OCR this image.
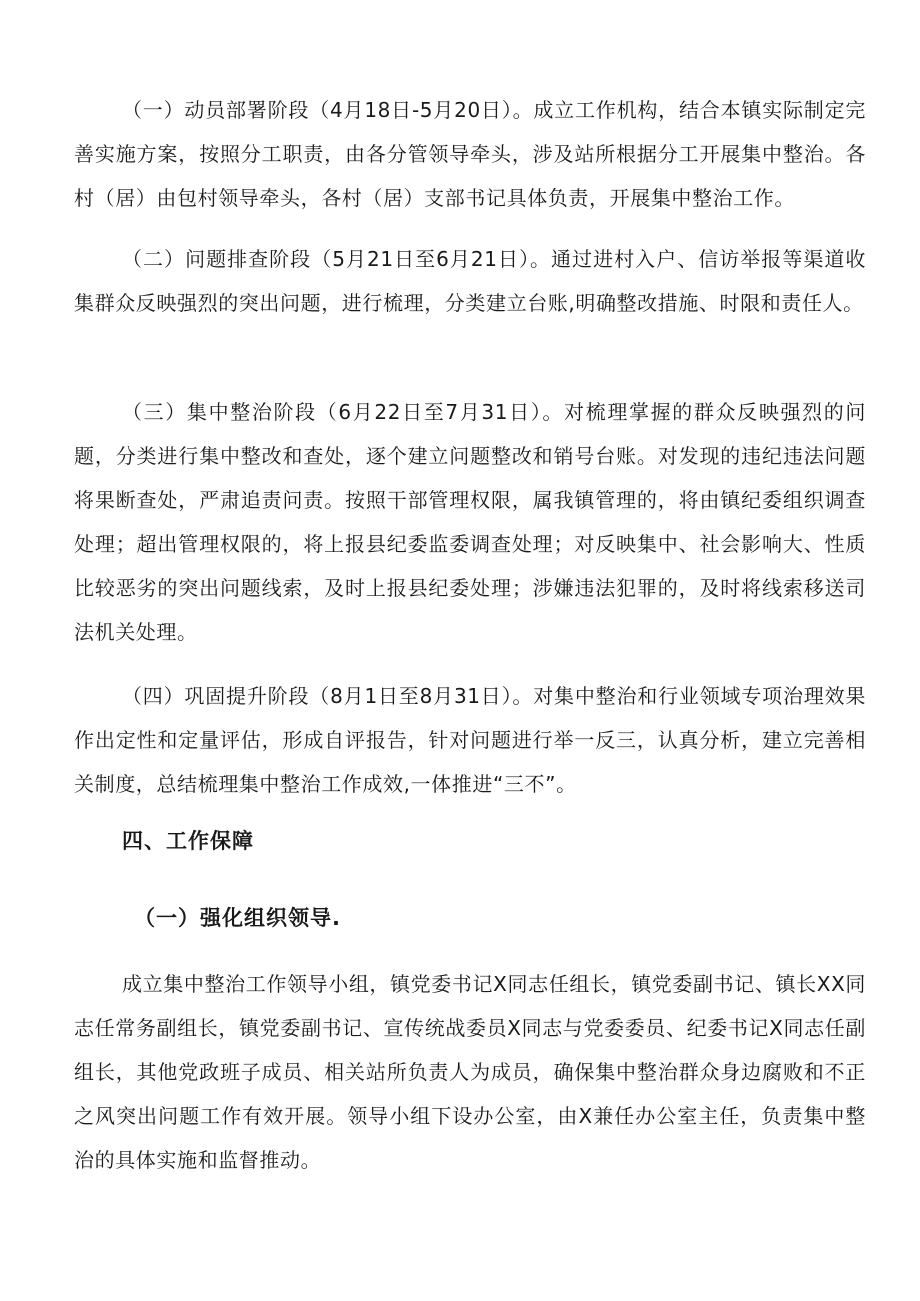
（一）动员部署阶段（4月18日-5月20日）。成立工作机构，结合本镇实际制定完善实施方案，按照分工职责，由各分管领导牵头，涉及站所根据分工开展集中整治。各村（居）由包村领导牵头，各村（居）支部书记具体负责，开展集中整治工作。

（二）问题排查阶段（5月21日至6月21日）。通过进村入户、信访举报等渠道收集群众反映强烈的突出问题，进行梳理，分类建立台账,明确整改措施、时限和责任人。

（三）集中整治阶段（6月22日至7月31日）。对梳理掌握的群众反映强烈的问题，分类进行集中整改和查处，逐个建立问题整改和销号台账。对发现的违纪违法问题将果断查处，严肃追责问责。按照干部管理权限，属我镇管理的，将由镇纪委组织调查处理；超出管理权限的，将上报县纪委监委调查处理；对反映集中、社会影响大、性质比较恶劣的突出问题线索，及时上报县纪委处理；涉嫌违法犯罪的，及时将线索移送司法机关处理。

（四）巩固提升阶段（8月1日至8月31日）。对集中整治和行业领域专项治理效果作出定性和定量评估，形成自评报告，针对问题进行举一反三，认真分析，建立完善相关制度，总结梳理集中整治工作成效,一体推进“三不”。

四、工作保障
（一）强化组织领导.

成立集中整治工作领导小组，镇党委书记X同志任组长，镇党委副书记、镇长XX同志任常务副组长，镇党委副书记、宣传统战委员X同志与党委委员、纪委书记X同志任副组长，其他党政班子成员、相关站所负责人为成员，确保集中整治群众身边腐败和不正之风突出问题工作有效开展。领导小组下设办公室，由X兼任办公室主任，负责集中整治的具体实施和监督推动。
